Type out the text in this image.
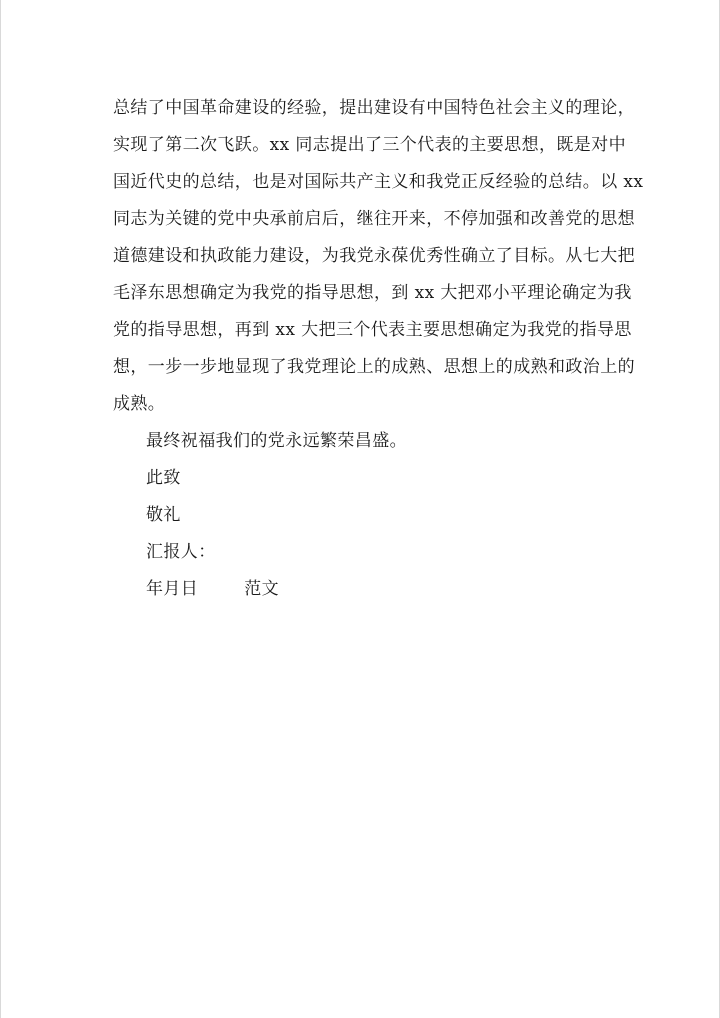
总结了中国革命建设的经验，提出建设有中国特色社会主义的理论，
实现了第二次飞跃。xx 同志提出了三个代表的主要思想，既是对中
国近代史的总结，也是对国际共产主义和我党正反经验的总结。以 xx
同志为关键的党中央承前启后，继往开来，不停加强和改善党的思想
道德建设和执政能力建设，为我党永葆优秀性确立了目标。从七大把
毛泽东思想确定为我党的指导思想，到 xx 大把邓小平理论确定为我
党的指导思想，再到 xx 大把三个代表主要思想确定为我党的指导思
想，一步一步地显现了我党理论上的成熟、思想上的成熟和政治上的
成熟。
最终祝福我们的党永远繁荣昌盛。
此致
敬礼
汇报人：
年月日	范文
